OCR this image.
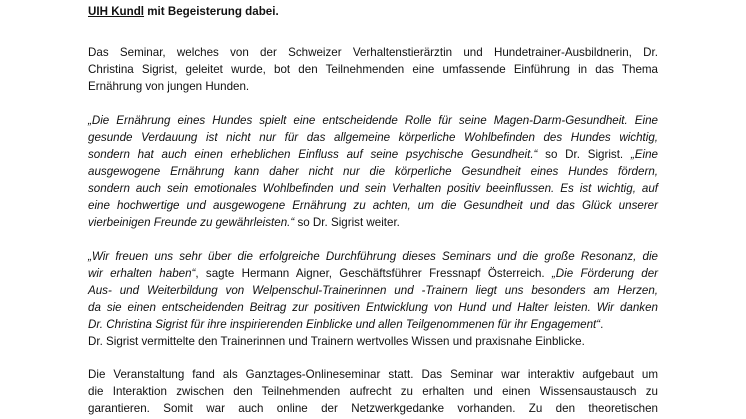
UIH Kundl mit Begeisterung dabei.
Das Seminar, welches von der Schweizer Verhaltenstierärztin und Hundetrainer-Ausbildnerin, Dr.
Christina Sigrist, geleitet wurde, bot den Teilnehmenden eine umfassende Einführung in das Thema
Ernährung von jungen Hunden.
„Die Ernährung eines Hundes spielt eine entscheidende Rolle für seine Magen-Darm-Gesundheit. Eine
gesunde Verdauung ist nicht nur für das allgemeine körperliche Wohlbefinden des Hundes wichtig,
sondern hat auch einen erheblichen Einfluss auf seine psychische Gesundheit.“ so Dr. Sigrist. „Eine
ausgewogene Ernährung kann daher nicht nur die körperliche Gesundheit eines Hundes fördern,
sondern auch sein emotionales Wohlbefinden und sein Verhalten positiv beeinflussen. Es ist wichtig, auf
eine hochwertige und ausgewogene Ernährung zu achten, um die Gesundheit und das Glück unserer
vierbeinigen Freunde zu gewährleisten.“ so Dr. Sigrist weiter.
„Wir freuen uns sehr über die erfolgreiche Durchführung dieses Seminars und die große Resonanz, die
wir erhalten haben“, sagte Hermann Aigner, Geschäftsführer Fressnapf Österreich. „Die Förderung der
Aus- und Weiterbildung von Welpenschul-Trainerinnen und -Trainern liegt uns besonders am Herzen,
da sie einen entscheidenden Beitrag zur positiven Entwicklung von Hund und Halter leisten. Wir danken
Dr. Christina Sigrist für ihre inspirierenden Einblicke und allen Teilgenommenen für ihr Engagement“.
Dr. Sigrist vermittelte den Trainerinnen und Trainern wertvolles Wissen und praxisnahe Einblicke.
Die Veranstaltung fand als Ganztages-Onlineseminar statt. Das Seminar war interaktiv aufgebaut um
die Interaktion zwischen den Teilnehmenden aufrecht zu erhalten und einen Wissensaustausch zu
garantieren. Somit war auch online der Netzwerkgedanke vorhanden. Zu den theoretischen
